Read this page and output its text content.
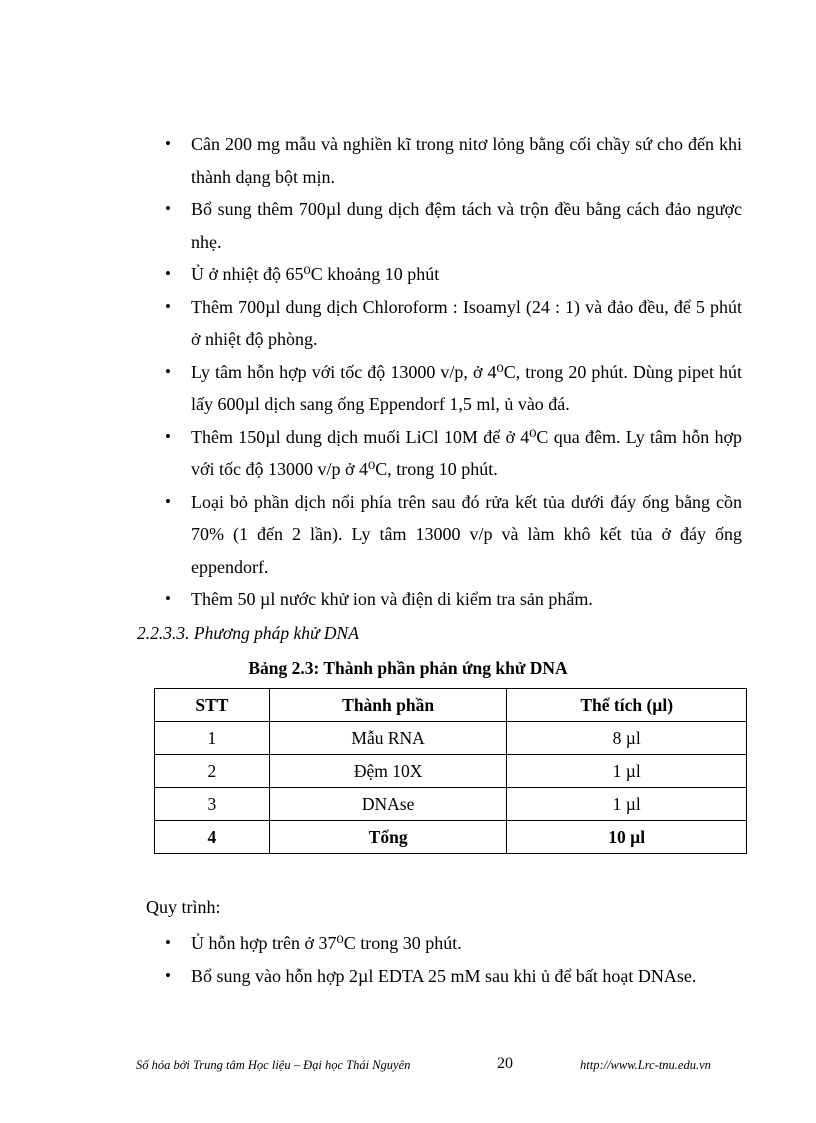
• Cân 200 mg mẫu và nghiền kĩ trong nitơ lỏng bằng cối chầy sứ cho đến khi thành dạng bột mịn.
• Bổ sung thêm 700µl dung dịch đệm tách và trộn đều bằng cách đảo ngược nhẹ.
• Ủ ở nhiệt độ 65⁰C khoảng 10 phút
• Thêm 700µl dung dịch Chloroform : Isoamyl (24 : 1) và đảo đều, để 5 phút ở nhiệt độ phòng.
• Ly tâm hỗn hợp với tốc độ 13000 v/p, ở 4⁰C, trong 20 phút. Dùng pipet hút lấy 600µl dịch sang ống Eppendorf 1,5 ml, ủ vào đá.
• Thêm 150µl dung dịch muối LiCl 10M để ở 4⁰C qua đêm. Ly tâm hỗn hợp với tốc độ 13000 v/p ở 4⁰C, trong 10 phút.
• Loại bỏ phần dịch nổi phía trên sau đó rửa kết tủa dưới đáy ống bằng cồn 70% (1 đến 2 lần). Ly tâm 13000 v/p và làm khô kết tủa ở đáy ống eppendorf.
• Thêm 50 µl nước khử ion và điện di kiểm tra sản phẩm.
2.2.3.3. Phương pháp khử DNA
Bảng 2.3: Thành phần phản ứng khử DNA
STT	Thành phần	Thể tích (µl)
1	Mẫu RNA	8 µl
2	Đệm 10X	1 µl
3	DNAse	1 µl
4	Tổng	10 µl
Quy trình:
• Ủ hỗn hợp trên ở 37⁰C trong 30 phút.
• Bổ sung vào hỗn hợp 2µl EDTA 25 mM sau khi ủ để bất hoạt DNAse.
Số hóa bởi Trung tâm Học liệu – Đại học Thái Nguyên	20	http://www.Lrc-tnu.edu.vn
